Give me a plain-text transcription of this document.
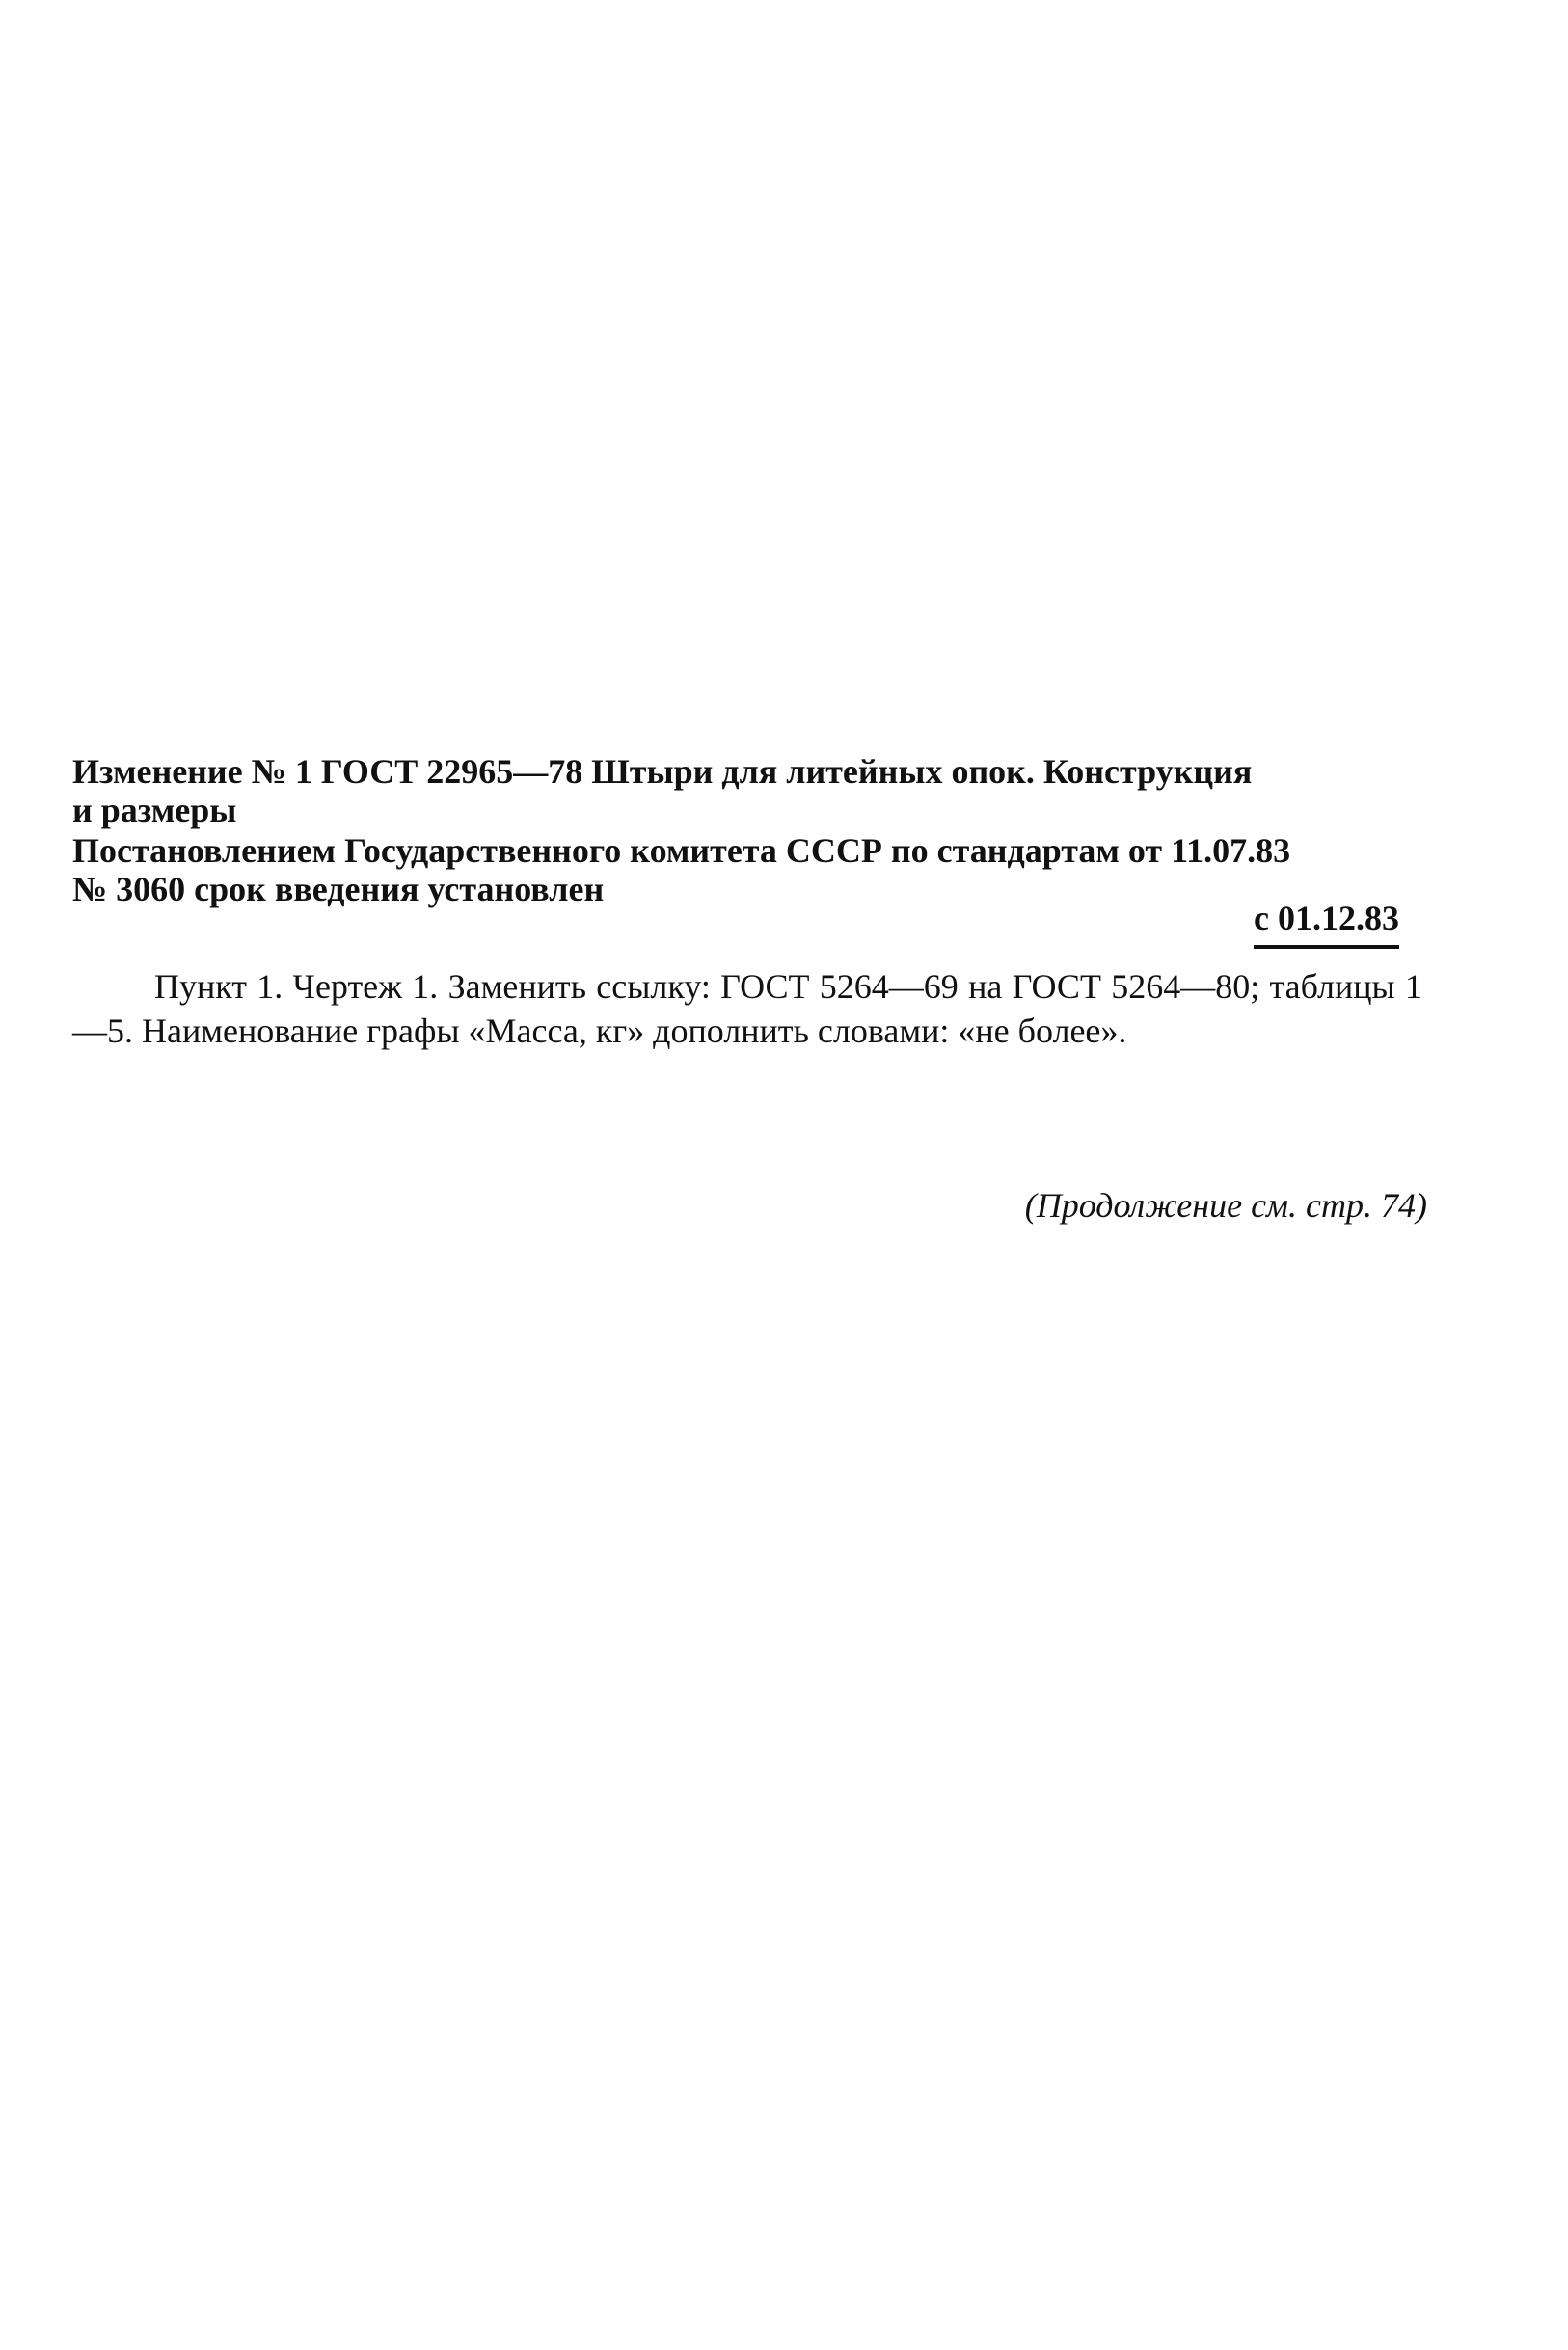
Изменение № 1 ГОСТ 22965—78 Штыри для литейных опок. Конструкция
и размеры
Постановлением Государственного комитета СССР по стандартам от 11.07.83
№ 3060 срок введения установлен
с 01.12.83

Пункт 1. Чертеж 1. Заменить ссылку: ГОСТ 5264—69 на ГОСТ 5264—80; таблицы 1—5. Наименование графы «Масса, кг» дополнить словами: «не более».

(Продолжение см. стр. 74)
